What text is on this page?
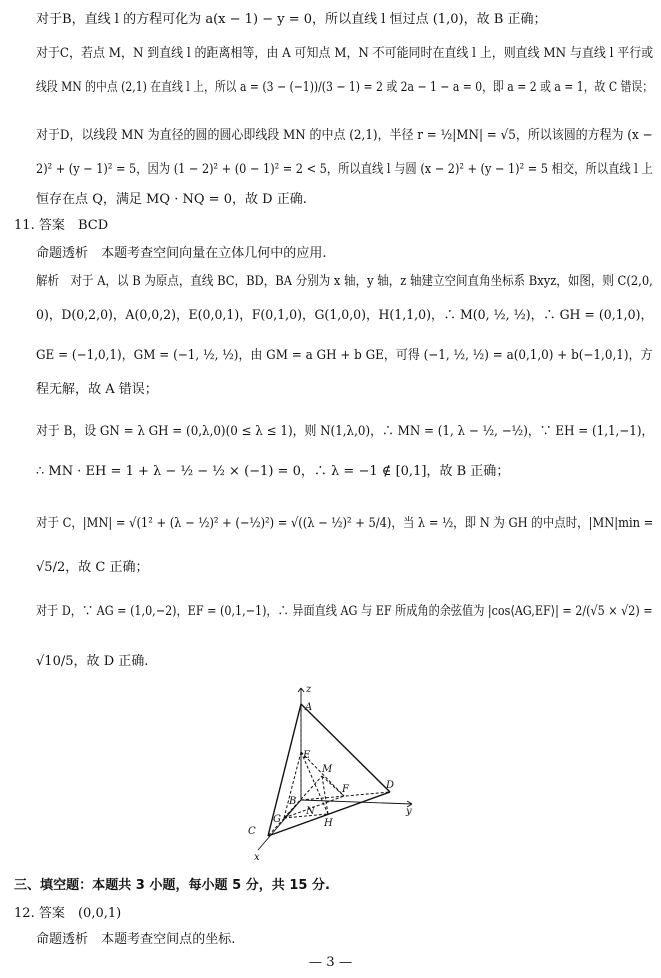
对于B，直线 l 的方程可化为 a(x − 1) − y = 0，所以直线 l 恒过点 (1,0)，故 B 正确；
对于C，若点 M，N 到直线 l 的距离相等，由 A 可知点 M，N 不可能同时在直线 l 上，则直线 MN 与直线 l 平行或
线段 MN 的中点 (2,1) 在直线 l 上，所以 a = (3 − (−1))/(3 − 1) = 2 或 2a − 1 − a = 0，即 a = 2 或 a = 1，故 C 错误；
对于D，以线段 MN 为直径的圆的圆心即线段 MN 的中点 (2,1)，半径 r = ½|MN| = √5，所以该圆的方程为 (x −
2)² + (y − 1)² = 5，因为 (1 − 2)² + (0 − 1)² = 2 < 5，所以直线 l 与圆 (x − 2)² + (y − 1)² = 5 相交，所以直线 l 上
恒存在点 Q，满足 MQ · NQ = 0，故 D 正确.
11. 答案　BCD
命题透析　本题考查空间向量在立体几何中的应用.
解析　对于 A，以 B 为原点，直线 BC，BD，BA 分别为 x 轴，y 轴，z 轴建立空间直角坐标系 Bxyz，如图，则 C(2,0,
0)，D(0,2,0)，A(0,0,2)，E(0,0,1)，F(0,1,0)，G(1,0,0)，H(1,1,0)，∴ M(0, ½, ½)，∴ GH = (0,1,0)，
GE = (−1,0,1)，GM = (−1, ½, ½)，由 GM = a GH + b GE，可得 (−1, ½, ½) = a(0,1,0) + b(−1,0,1)，方
程无解，故 A 错误；
对于 B，设 GN = λ GH = (0,λ,0)(0 ≤ λ ≤ 1)，则 N(1,λ,0)，∴ MN = (1, λ − ½, −½)，∵ EH = (1,1,−1)，
∴ MN · EH = 1 + λ − ½ − ½ × (−1) = 0，∴ λ = −1 ∉ [0,1]，故 B 正确；
对于 C，|MN| = √(1² + (λ − ½)² + (−½)²) = √((λ − ½)² + 5/4)，当 λ = ½，即 N 为 GH 的中点时，|MN|min =
√5/2，故 C 正确；
对于 D，∵ AG = (1,0,−2)，EF = (0,1,−1)，∴ 异面直线 AG 与 EF 所成角的余弦值为 |cos⟨AG,EF⟩| = 2/(√5 × √2) =
√10/5，故 D 正确.
z
A
E
M
B
F	D
y
G
N
H
C
x
三、填空题：本题共 3 小题，每小题 5 分，共 15 分.
12. 答案　(0,0,1)
命题透析　本题考查空间点的坐标.
— 3 —
